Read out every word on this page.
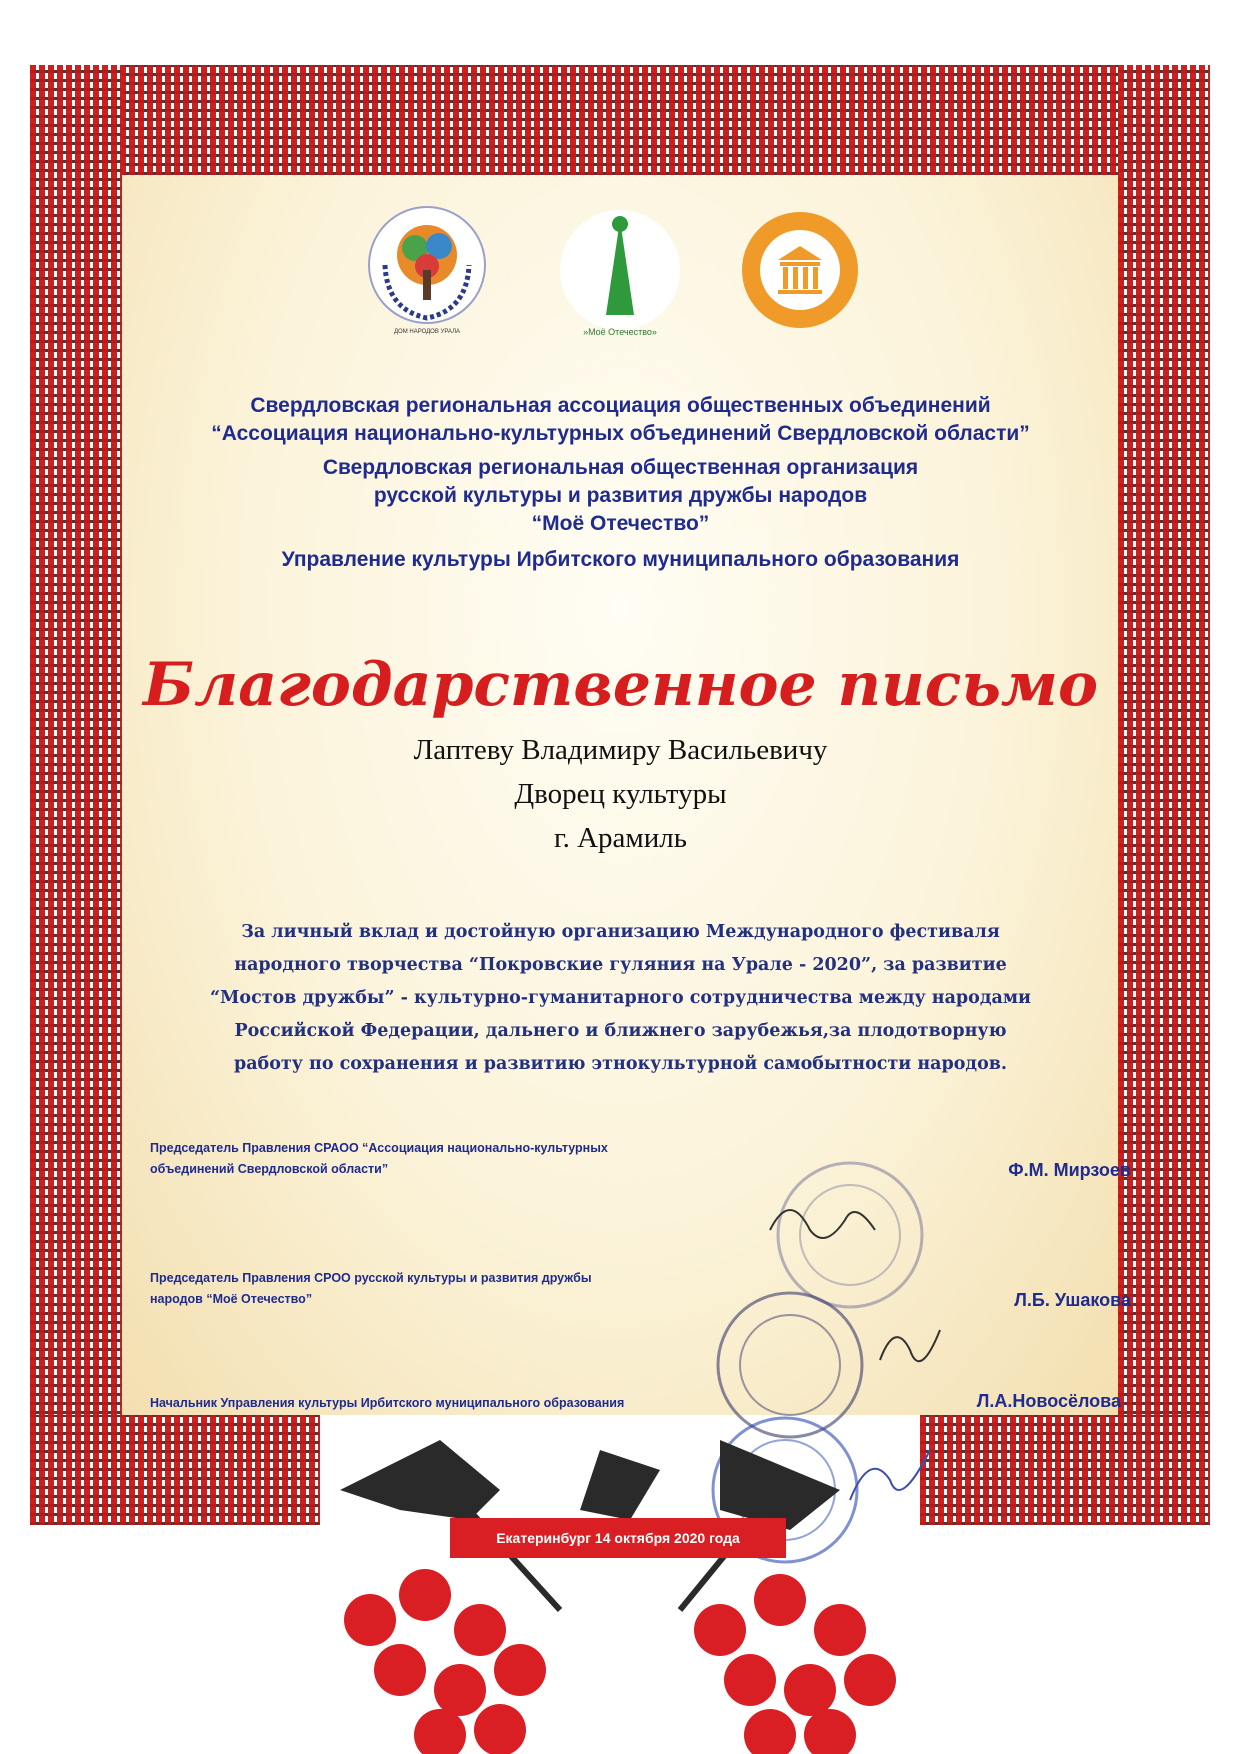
ДОМ НАРОДОВ УРАЛА	»Моё Отечество»
Свердловская региональная ассоциация общественных объединений
“Ассоциация национально-культурных объединений Свердловской области”
Свердловская региональная общественная организация
русской культуры и развития дружбы народов
“Моё Отечество”
Управление культуры Ирбитского муниципального образования
Благодарственное письмо
Лаптеву Владимиру Васильевичу
Дворец культуры
г. Арамиль
За личный вклад и достойную организацию Международного фестиваля
народного творчества “Покровские гуляния на Урале - 2020”, за развитие
“Мостов дружбы” - культурно-гуманитарного сотрудничества между народами
Российской Федерации, дальнего и ближнего зарубежья,за плодотворную
работу по сохранения и развитию этнокультурной самобытности народов.
Председатель Правления СРАОО “Ассоциация национально-культурных
объединений Свердловской области”	Ф.М. Мирзоев
Председатель Правления СРОО русской культуры и развития дружбы
народов “Моё Отечество”	Л.Б. Ушакова
Начальник Управления культуры Ирбитского муниципального образования	Л.А.Новосёлова
Екатеринбург 14 октября 2020 года
